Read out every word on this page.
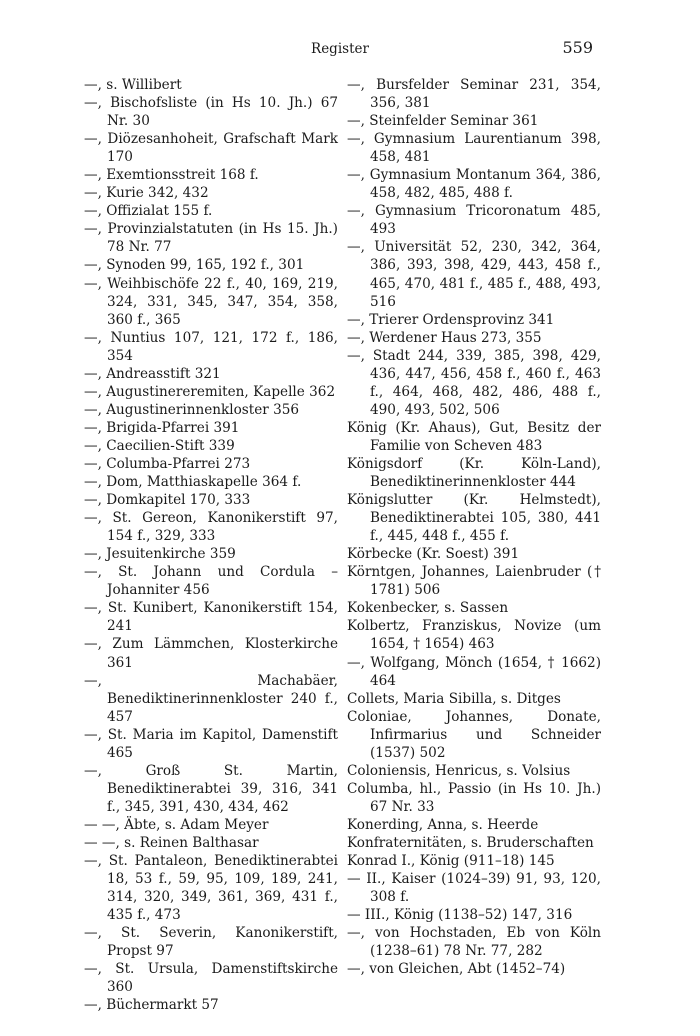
Register	559

—, s. Willibert

—, Bischofsliste (in Hs 10. Jh.) 67 Nr. 30

—, Diözesanhoheit, Grafschaft Mark 170

—, Exemtionsstreit 168 f.

—, Kurie 342, 432

—, Offizialat 155 f.

—, Provinzialstatuten (in Hs 15. Jh.) 78 Nr. 77

—, Synoden 99, 165, 192 f., 301

—, Weihbischöfe 22 f., 40, 169, 219, 324, 331, 345, 347, 354, 358, 360 f., 365

—, Nuntius 107, 121, 172 f., 186, 354

—, Andreasstift 321

—, Augustinereremiten, Kapelle 362

—, Augustinerinnenkloster 356

—, Brigida-Pfarrei 391

—, Caecilien-Stift 339

—, Columba-Pfarrei 273

—, Dom, Matthiaskapelle 364 f.

—, Domkapitel 170, 333

—, St. Gereon, Kanonikerstift 97, 154 f., 329, 333

—, Jesuitenkirche 359

—, St. Johann und Cordula – Johanniter 456

—, St. Kunibert, Kanonikerstift 154, 241

—, Zum Lämmchen, Klosterkirche 361

—, Machabäer, Benediktinerinnenkloster 240 f., 457

—, St. Maria im Kapitol, Damenstift 465

—, Groß St. Martin, Benediktinerabtei 39, 316, 341 f., 345, 391, 430, 434, 462

— —, Äbte, s. Adam Meyer

— —, s. Reinen Balthasar

—, St. Pantaleon, Benediktinerabtei 18, 53 f., 59, 95, 109, 189, 241, 314, 320, 349, 361, 369, 431 f., 435 f., 473

—, St. Severin, Kanonikerstift, Propst 97

—, St. Ursula, Damenstiftskirche 360

—, Büchermarkt 57

—, Bursfelder Seminar 231, 354, 356, 381

—, Steinfelder Seminar 361

—, Gymnasium Laurentianum 398, 458, 481

—, Gymnasium Montanum 364, 386, 458, 482, 485, 488 f.

—, Gymnasium Tricoronatum 485, 493

—, Universität 52, 230, 342, 364, 386, 393, 398, 429, 443, 458 f., 465, 470, 481 f., 485 f., 488, 493, 516

—, Trierer Ordensprovinz 341

—, Werdener Haus 273, 355

—, Stadt 244, 339, 385, 398, 429, 436, 447, 456, 458 f., 460 f., 463 f., 464, 468, 482, 486, 488 f., 490, 493, 502, 506

König (Kr. Ahaus), Gut, Besitz der Familie von Scheven 483

Königsdorf (Kr. Köln-Land), Benediktinerinnenkloster 444

Königslutter (Kr. Helmstedt), Benediktinerabtei 105, 380, 441 f., 445, 448 f., 455 f.

Körbecke (Kr. Soest) 391

Körntgen, Johannes, Laienbruder († 1781) 506

Kokenbecker, s. Sassen

Kolbertz, Franziskus, Novize (um 1654, † 1654) 463

—, Wolfgang, Mönch (1654, † 1662) 464

Collets, Maria Sibilla, s. Ditges

Coloniae, Johannes, Donate, Infirmarius und Schneider (1537) 502

Coloniensis, Henricus, s. Volsius

Columba, hl., Passio (in Hs 10. Jh.) 67 Nr. 33

Konerding, Anna, s. Heerde

Konfraternitäten, s. Bruderschaften

Konrad I., König (911–18) 145

— II., Kaiser (1024–39) 91, 93, 120, 308 f.

— III., König (1138–52) 147, 316

—, von Hochstaden, Eb von Köln (1238–61) 78 Nr. 77, 282

—, von Gleichen, Abt (1452–74)
